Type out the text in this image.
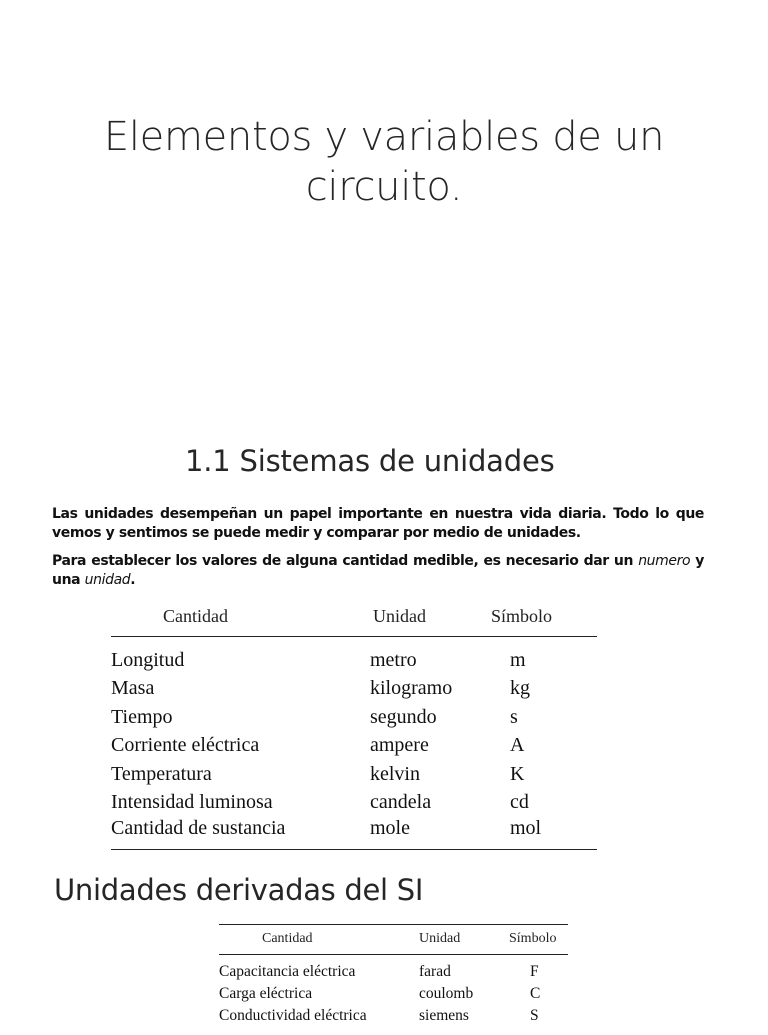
Elementos y variables de un
circuito.
1.1 Sistemas de unidades
Las unidades desempeñan un papel importante en nuestra vida diaria. Todo lo que vemos y sentimos se puede medir y comparar por medio de unidades.
Para establecer los valores de alguna cantidad medible, es necesario dar un numero y una unidad.
Cantidad	Unidad	Símbolo
Longitud	metro	m
Masa	kilogramo	kg
Tiempo	segundo	s
Corriente eléctrica	ampere	A
Temperatura	kelvin	K
Intensidad luminosa	candela	cd
Cantidad de sustancia	mole	mol
Unidades derivadas del SI
Cantidad	Unidad	Símbolo
Capacitancia eléctrica	farad	F
Carga eléctrica	coulomb	C
Conductividad eléctrica	siemens	S
